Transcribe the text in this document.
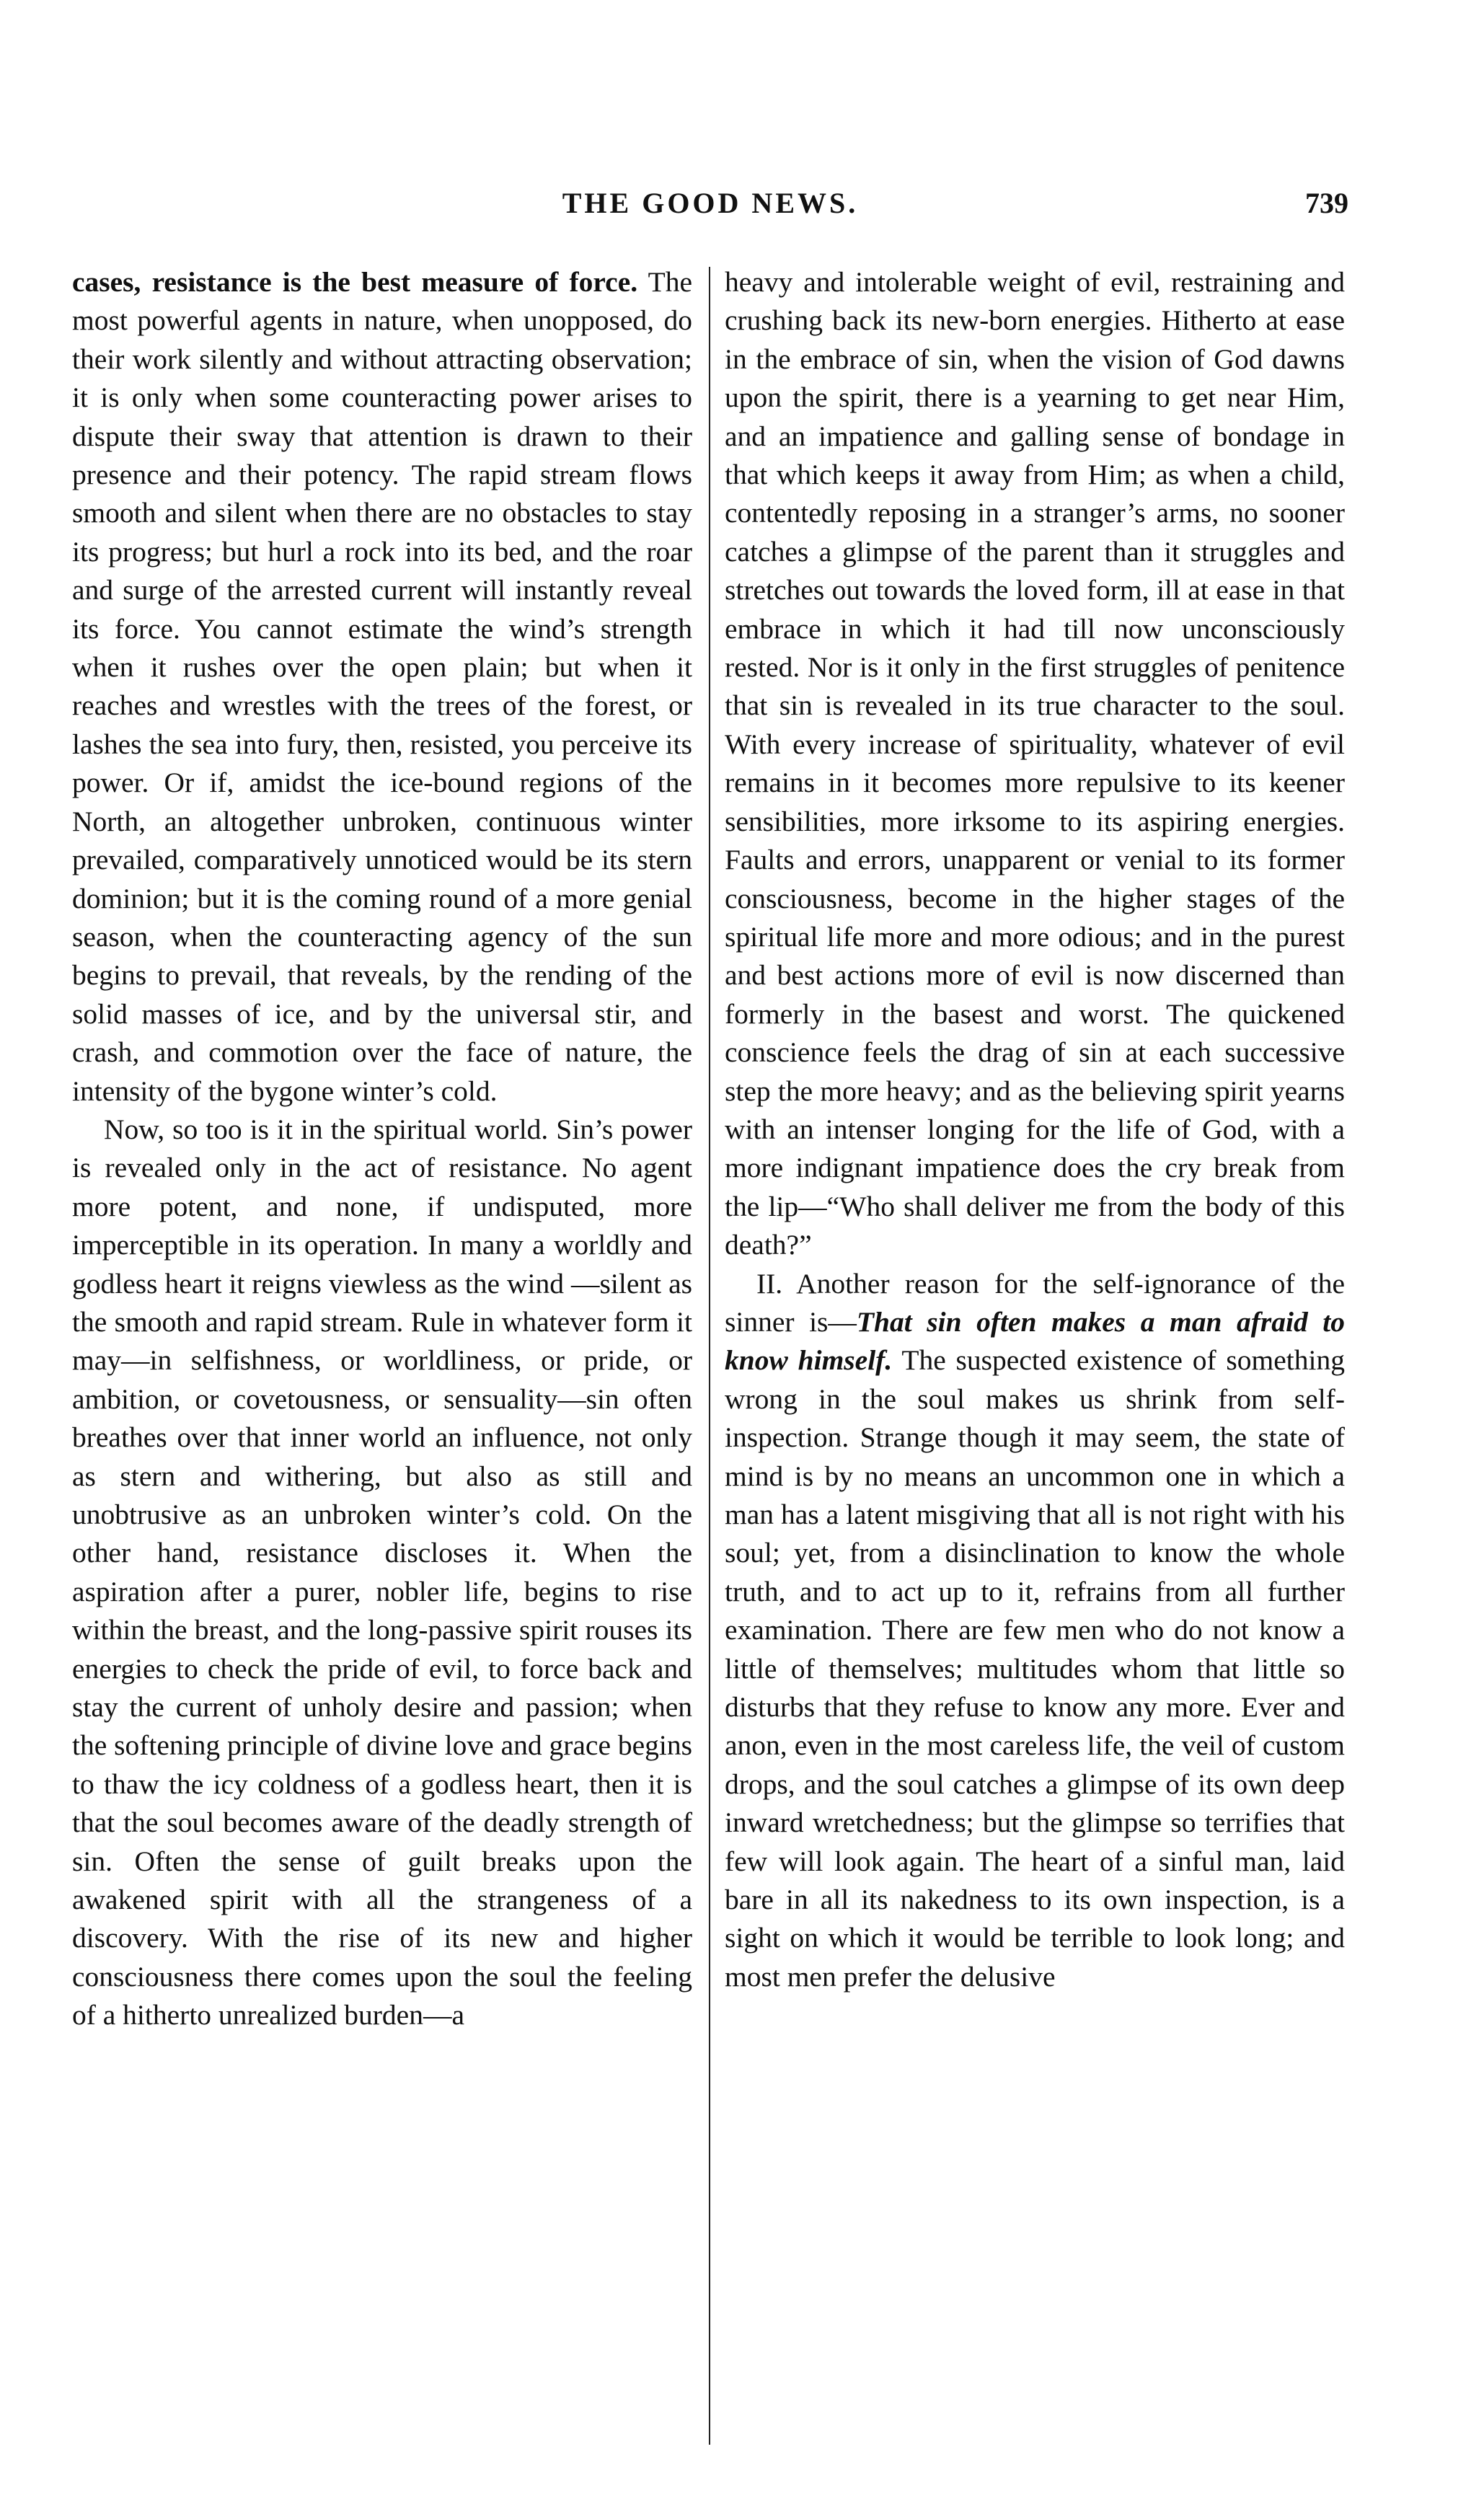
THE GOOD NEWS.	739

cases, resistance is the best measure of force. The most powerful agents in nature, when unopposed, do their work silently and without attracting observation; it is only when some counteracting power arises to dispute their sway that attention is drawn to their presence and their potency. The rapid stream flows smooth and silent when there are no obstacles to stay its progress; but hurl a rock into its bed, and the roar and surge of the arrested current will instantly reveal its force. You cannot estimate the wind’s strength when it rushes over the open plain; but when it reaches and wrestles with the trees of the forest, or lashes the sea into fury, then, resisted, you perceive its power. Or if, amidst the ice-bound regions of the North, an altogether unbroken, continuous winter prevailed, comparatively unnoticed would be its stern dominion; but it is the coming round of a more genial season, when the counteracting agency of the sun begins to prevail, that reveals, by the rending of the solid masses of ice, and by the universal stir, and crash, and commotion over the face of nature, the intensity of the bygone winter’s cold.

Now, so too is it in the spiritual world. Sin’s power is revealed only in the act of resistance. No agent more potent, and none, if undisputed, more imperceptible in its operation. In many a worldly and godless heart it reigns viewless as the wind —silent as the smooth and rapid stream. Rule in whatever form it may—in selfishness, or worldliness, or pride, or ambition, or covetousness, or sensuality—sin often breathes over that inner world an influence, not only as stern and withering, but also as still and unobtrusive as an unbroken winter’s cold. On the other hand, resistance discloses it. When the aspiration after a purer, nobler life, begins to rise within the breast, and the long-passive spirit rouses its energies to check the pride of evil, to force back and stay the current of unholy desire and passion; when the softening principle of divine love and grace begins to thaw the icy coldness of a godless heart, then it is that the soul becomes aware of the deadly strength of sin. Often the sense of guilt breaks upon the awakened spirit with all the strangeness of a discovery. With the rise of its new and higher consciousness there comes upon the soul the feeling of a hitherto unrealized burden—a

heavy and intolerable weight of evil, restraining and crushing back its new-born energies. Hitherto at ease in the embrace of sin, when the vision of God dawns upon the spirit, there is a yearning to get near Him, and an impatience and galling sense of bondage in that which keeps it away from Him; as when a child, contentedly reposing in a stranger’s arms, no sooner catches a glimpse of the parent than it struggles and stretches out towards the loved form, ill at ease in that embrace in which it had till now unconsciously rested. Nor is it only in the first struggles of penitence that sin is revealed in its true character to the soul. With every increase of spirituality, whatever of evil remains in it becomes more repulsive to its keener sensibilities, more irksome to its aspiring energies. Faults and errors, unapparent or venial to its former consciousness, become in the higher stages of the spiritual life more and more odious; and in the purest and best actions more of evil is now discerned than formerly in the basest and worst. The quickened conscience feels the drag of sin at each successive step the more heavy; and as the believing spirit yearns with an intenser longing for the life of God, with a more indignant impatience does the cry break from the lip—“Who shall deliver me from the body of this death?”

II. Another reason for the self-ignorance of the sinner is—That sin often makes a man afraid to know himself. The suspected existence of something wrong in the soul makes us shrink from self-inspection. Strange though it may seem, the state of mind is by no means an uncommon one in which a man has a latent misgiving that all is not right with his soul; yet, from a disinclination to know the whole truth, and to act up to it, refrains from all further examination. There are few men who do not know a little of themselves; multitudes whom that little so disturbs that they refuse to know any more. Ever and anon, even in the most careless life, the veil of custom drops, and the soul catches a glimpse of its own deep inward wretchedness; but the glimpse so terrifies that few will look again. The heart of a sinful man, laid bare in all its nakedness to its own inspection, is a sight on which it would be terrible to look long; and most men prefer the delusive
